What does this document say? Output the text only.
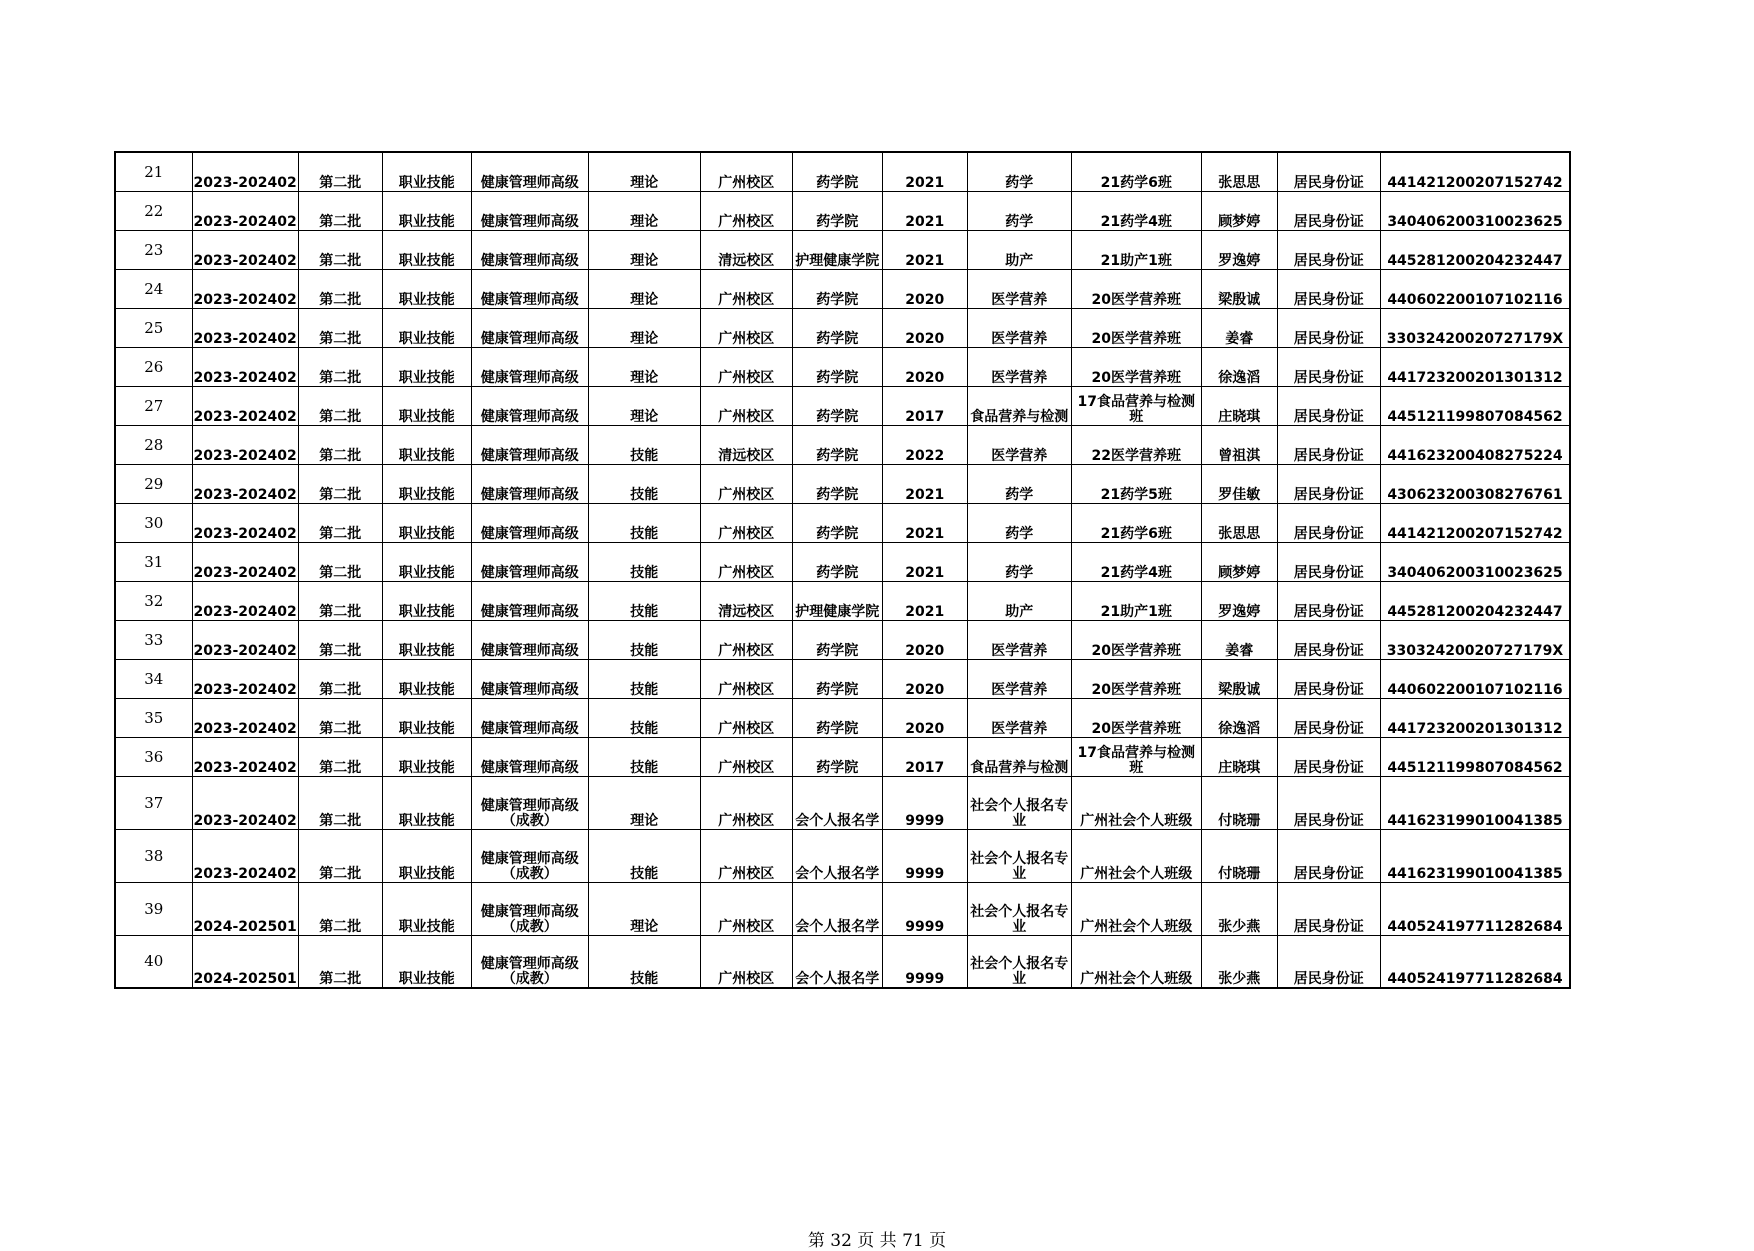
21	2023-202402	第二批	职业技能	健康管理师高级	理论	广州校区	药学院	2021	药学	21药学6班	张思思	居民身份证	441421200207152742
22	2023-202402	第二批	职业技能	健康管理师高级	理论	广州校区	药学院	2021	药学	21药学4班	顾梦婷	居民身份证	340406200310023625
23	2023-202402	第二批	职业技能	健康管理师高级	理论	清远校区	护理健康学院	2021	助产	21助产1班	罗逸婷	居民身份证	445281200204232447
24	2023-202402	第二批	职业技能	健康管理师高级	理论	广州校区	药学院	2020	医学营养	20医学营养班	梁殷诚	居民身份证	440602200107102116
25	2023-202402	第二批	职业技能	健康管理师高级	理论	广州校区	药学院	2020	医学营养	20医学营养班	姜睿	居民身份证	33032420020727179X
26	2023-202402	第二批	职业技能	健康管理师高级	理论	广州校区	药学院	2020	医学营养	20医学营养班	徐逸滔	居民身份证	441723200201301312
27	2023-202402	第二批	职业技能	健康管理师高级	理论	广州校区	药学院	2017	食品营养与检测	17食品营养与检测班	庄晓琪	居民身份证	445121199807084562
28	2023-202402	第二批	职业技能	健康管理师高级	技能	清远校区	药学院	2022	医学营养	22医学营养班	曾祖淇	居民身份证	441623200408275224
29	2023-202402	第二批	职业技能	健康管理师高级	技能	广州校区	药学院	2021	药学	21药学5班	罗佳敏	居民身份证	430623200308276761
30	2023-202402	第二批	职业技能	健康管理师高级	技能	广州校区	药学院	2021	药学	21药学6班	张思思	居民身份证	441421200207152742
31	2023-202402	第二批	职业技能	健康管理师高级	技能	广州校区	药学院	2021	药学	21药学4班	顾梦婷	居民身份证	340406200310023625
32	2023-202402	第二批	职业技能	健康管理师高级	技能	清远校区	护理健康学院	2021	助产	21助产1班	罗逸婷	居民身份证	445281200204232447
33	2023-202402	第二批	职业技能	健康管理师高级	技能	广州校区	药学院	2020	医学营养	20医学营养班	姜睿	居民身份证	33032420020727179X
34	2023-202402	第二批	职业技能	健康管理师高级	技能	广州校区	药学院	2020	医学营养	20医学营养班	梁殷诚	居民身份证	440602200107102116
35	2023-202402	第二批	职业技能	健康管理师高级	技能	广州校区	药学院	2020	医学营养	20医学营养班	徐逸滔	居民身份证	441723200201301312
36	2023-202402	第二批	职业技能	健康管理师高级	技能	广州校区	药学院	2017	食品营养与检测	17食品营养与检测班	庄晓琪	居民身份证	445121199807084562
37	2023-202402	第二批	职业技能	健康管理师高级（成教）	理论	广州校区	会个人报名学	9999	社会个人报名专业	广州社会个人班级	付晓珊	居民身份证	441623199010041385
38	2023-202402	第二批	职业技能	健康管理师高级（成教）	技能	广州校区	会个人报名学	9999	社会个人报名专业	广州社会个人班级	付晓珊	居民身份证	441623199010041385
39	2024-202501	第二批	职业技能	健康管理师高级（成教）	理论	广州校区	会个人报名学	9999	社会个人报名专业	广州社会个人班级	张少燕	居民身份证	440524197711282684
40	2024-202501	第二批	职业技能	健康管理师高级（成教）	技能	广州校区	会个人报名学	9999	社会个人报名专业	广州社会个人班级	张少燕	居民身份证	440524197711282684
第 32 页 共 71 页
